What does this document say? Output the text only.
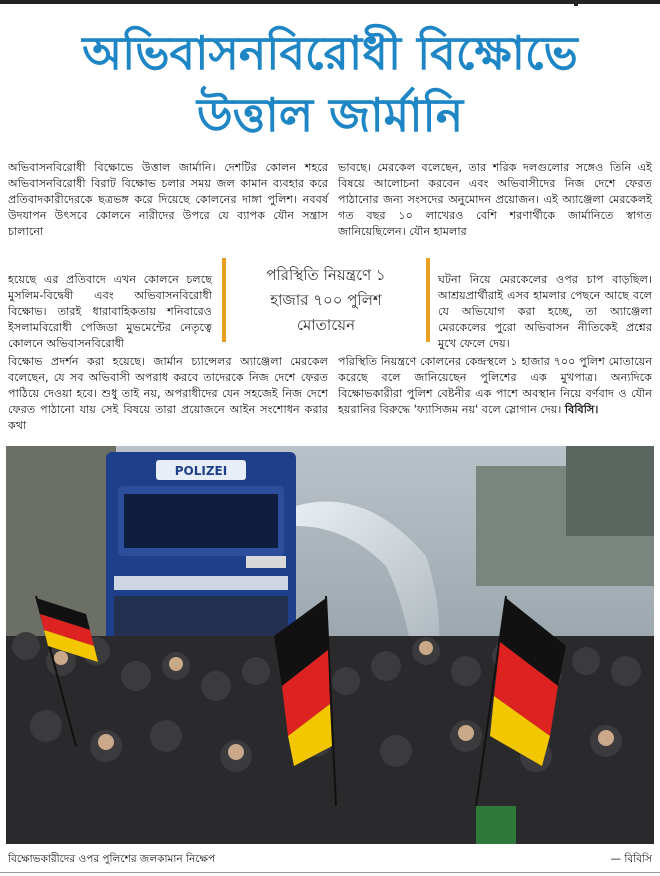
অভিবাসনবিরোধী বিক্ষোভে
উত্তাল জার্মানি
অভিবাসনবিরোধী বিক্ষোভে উত্তাল জার্মানি। দেশটির কোলন শহরে অভিবাসনবিরোধী বিরাট বিক্ষোভ চলার সময় জল কামান ব্যবহার করে প্রতিবাদকারীদেরকে ছত্রভঙ্গ করে দিয়েছে কোলনের দাঙ্গা পুলিশ। নববর্ষ উদযাপন উৎসবে কোলনে নারীদের উপরে যে ব্যাপক যৌন সন্ত্রাস চালানো
হয়েছে এর প্রতিবাদে এখন কোলনে চলছে মুসলিম-বিদ্বেষী এবং অভিবাসনবিরোধী বিক্ষোভ। তারই ধারাবাহিকতায় শনিবারেও ইসলামবিরোধী পেজিডা মুভমেন্টের নেতৃত্বে কোলনে অভিবাসনবিরোধী
বিক্ষোভ প্রদর্শন করা হয়েছে। জার্মান চ্যান্সেলর অ্যাঞ্জেলা মেরকেল বলেছেন, যে সব অভিবাসী অপরাধ করবে তাদেরকে নিজ দেশে ফেরত পাঠিয়ে দেওয়া হবে। শুধু তাই নয়, অপরাধীদের যেন সহজেই নিজ দেশে ফেরত পাঠানো যায় সেই বিষয়ে তারা প্রয়োজনে আইন সংশোধন করার কথা
ভাবছে। মেরকেল বলেছেন, তার শরিক দলগুলোর সঙ্গেও তিনি এই বিষয়ে আলোচনা করবেন এবং অভিবাসীদের নিজ দেশে ফেরত পাঠানোর জন্য সংসদের অনুমোদন প্রয়োজন। এই অ্যাঞ্জেলা মেরকেলই গত বছর ১০ লাখেরও বেশি শরণার্থীকে জার্মানিতে স্বাগত জানিয়েছিলেন। যৌন হামলার
ঘটনা নিয়ে মেরকেলের ওপর চাপ বাড়ছিল। আশ্রয়প্রার্থীরাই এসব হামলার পেছনে আছে বলে যে অভিযোগ করা হচ্ছে, তা অ্যাঞ্জেলা মেরকেলের পুরো অভিবাসন নীতিকেই প্রশ্নের মুখে ফেলে দেয়।
পরিস্থিতি নিয়ন্ত্রণে কোলনের কেন্দ্রস্থলে ১ হাজার ৭০০ পুলিশ মোতায়েন করেছে বলে জানিয়েছেন পুলিশের এক মুখপাত্র। অন্যদিকে বিক্ষোভকারীরা পুলিশ বেষ্টনীর এক পাশে অবস্থান নিয়ে বর্ণবাদ ও যৌন হয়রানির বিরুদ্ধে 'ফ্যাসিজম নয়' বলে স্লোগান দেয়। বিবিসি।
পরিস্থিতি নিয়ন্ত্রণে ১
হাজার ৭০০ পুলিশ
মোতায়েন
POLIZEI
বিক্ষোভকারীদের ওপর পুলিশের জলকামান নিক্ষেপ	— বিবিসি
